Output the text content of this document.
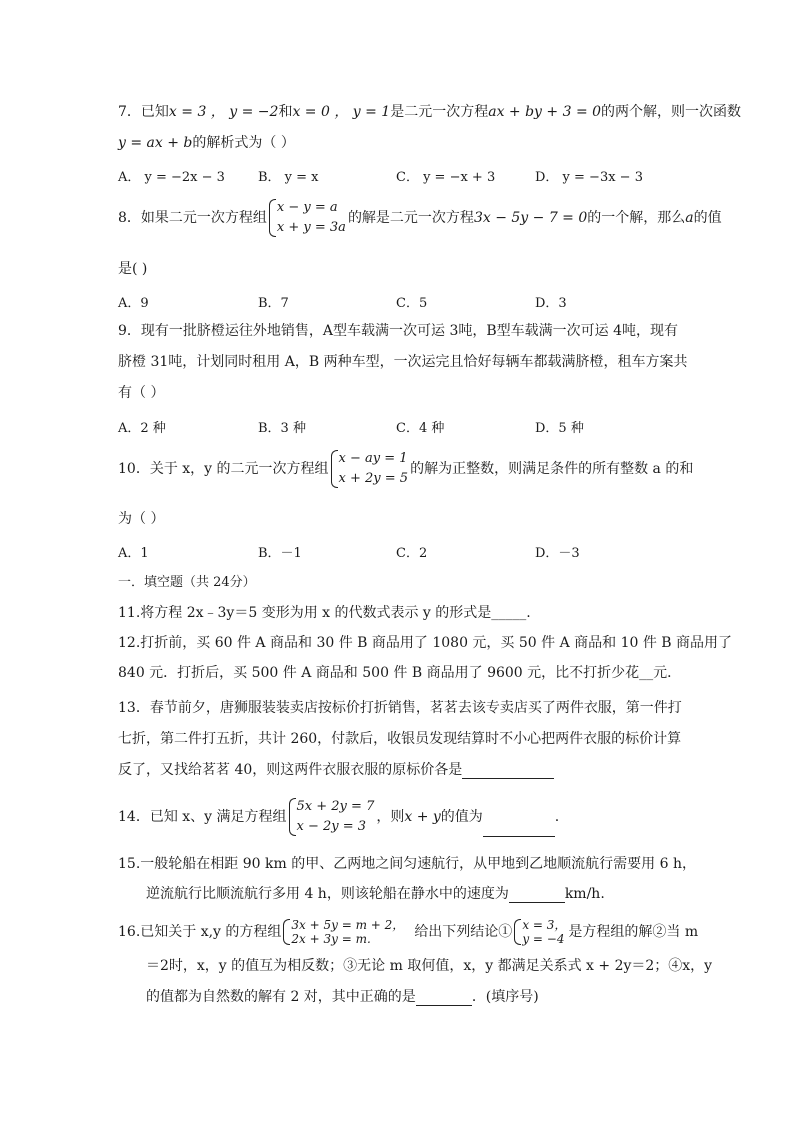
7．已知x = 3 ， y = −2和x = 0 ， y = 1是二元一次方程ax + by + 3 = 0的两个解，则一次函数
y = ax + b的解析式为（ ）
A． y = −2x − 3	B． y = x	C． y = −x + 3	D． y = −3x − 3
8．如果二元一次方程组
x − y = a
x + y = 3a
的解是二元一次方程3x − 5y − 7 = 0的一个解，那么a的值
是( )
A．9	B．7	C．5	D．3
9．现有一批脐橙运往外地销售，A型车载满一次可运 3吨，B型车载满一次可运 4吨，现有
脐橙 31吨，计划同时租用 A，B 两种车型，一次运完且恰好每辆车都载满脐橙，租车方案共
有（ ）
A．2 种	B．3 种	C．4 种	D．5 种
10．关于 x，y 的二元一次方程组
x − ay = 1
x + 2y = 5
的解为正整数，则满足条件的所有整数 a 的和
为（ ）
A．1	B．－1	C．2	D．－3
一．填空题（共 24分）
11.将方程 2x﹣3y＝5 变形为用 x 的代数式表示 y 的形式是_____.
12.打折前，买 60 件 A 商品和 30 件 B 商品用了 1080 元，买 50 件 A 商品和 10 件 B 商品用了
840 元．打折后，买 500 件 A 商品和 500 件 B 商品用了 9600 元，比不打折少花__元．
13．春节前夕，唐狮服装装卖店按标价打折销售，茗茗去该专卖店买了两件衣服，第一件打
七折，第二件打五折，共计 260，付款后，收银员发现结算时不小心把两件衣服的标价计算
反了，又找给茗茗 40，则这两件衣服衣服的原标价各是
14．已知 x、y 满足方程组
5x + 2y = 7
x − 2y = 3
，则x + y的值为	.
15.一般轮船在相距 90 km 的甲、乙两地之间匀速航行，从甲地到乙地顺流航行需要用 6 h，
逆流航行比顺流航行多用 4 h，则该轮船在静水中的速度为	km/h.
16.已知关于 x,y 的方程组 3x + 5y = m + 2，
2x + 3y = m.	给出下列结论① x = 3，
y = −4 是方程组的解②当 m
＝2时，x，y 的值互为相反数；③无论 m 取何值，x，y 都满足关系式 x + 2y＝2；④x，y
的值都为自然数的解有 2 对，其中正确的是	．(填序号)
